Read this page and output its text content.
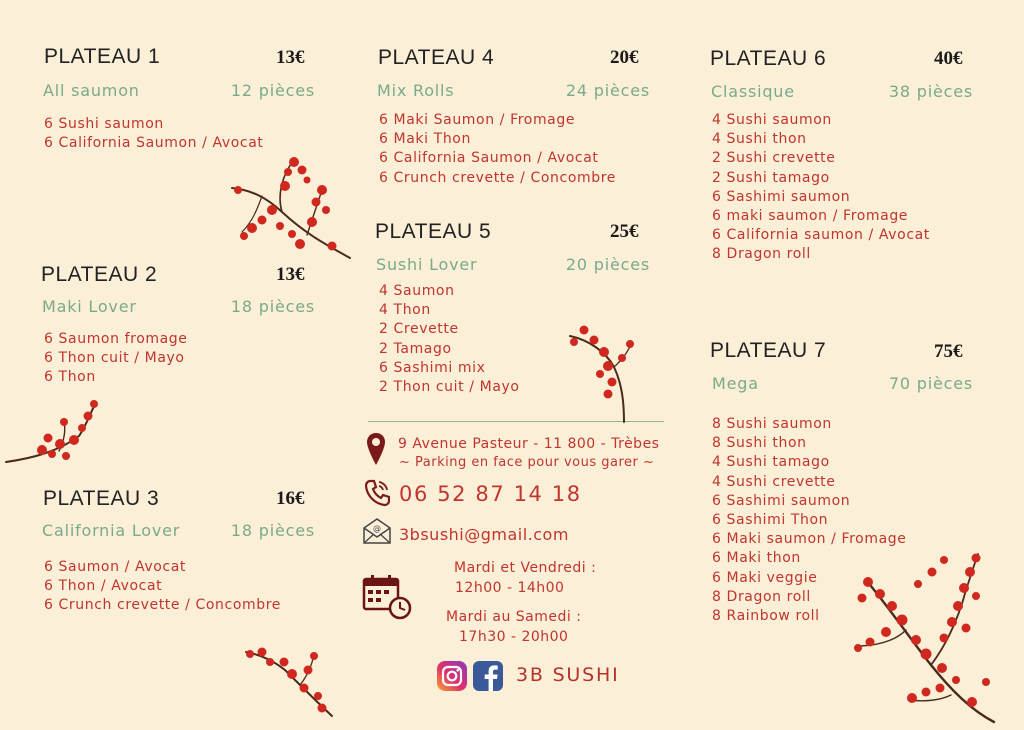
PLATEAU 1	13€
All saumon	12 pièces
6 Sushi saumon
6 California Saumon / Avocat
PLATEAU 2	13€
Maki Lover	18 pièces
6 Saumon fromage
6 Thon cuit / Mayo
6 Thon
PLATEAU 3	16€
California Lover	18 pièces
6 Saumon / Avocat
6 Thon / Avocat
6 Crunch crevette / Concombre
PLATEAU 4	20€
Mix Rolls	24 pièces
6 Maki Saumon / Fromage
6 Maki Thon
6 California Saumon / Avocat
6 Crunch crevette / Concombre
PLATEAU 5	25€
Sushi Lover	20 pièces
4 Saumon
4 Thon
2 Crevette
2 Tamago
6 Sashimi mix
2 Thon cuit / Mayo
PLATEAU 6	40€
Classique	38 pièces
4 Sushi saumon
4 Sushi thon
2 Sushi crevette
2 Sushi tamago
6 Sashimi saumon
6 maki saumon / Fromage
6 California saumon / Avocat
8 Dragon roll
PLATEAU 7	75€
Mega	70 pièces
8 Sushi saumon
8 Sushi thon
4 Sushi tamago
4 Sushi crevette
6 Sashimi saumon
6 Sashimi Thon
6 Maki saumon / Fromage
6 Maki thon
6 Maki veggie
8 Dragon roll
8 Rainbow roll
9 Avenue Pasteur - 11 800 - Trèbes
~ Parking en face pour vous garer ~
06 52 87 14 18
@ 3bsushi@gmail.com
Mardi et Vendredi :
12h00 - 14h00
Mardi au Samedi :
17h30 - 20h00
3B SUSHI
